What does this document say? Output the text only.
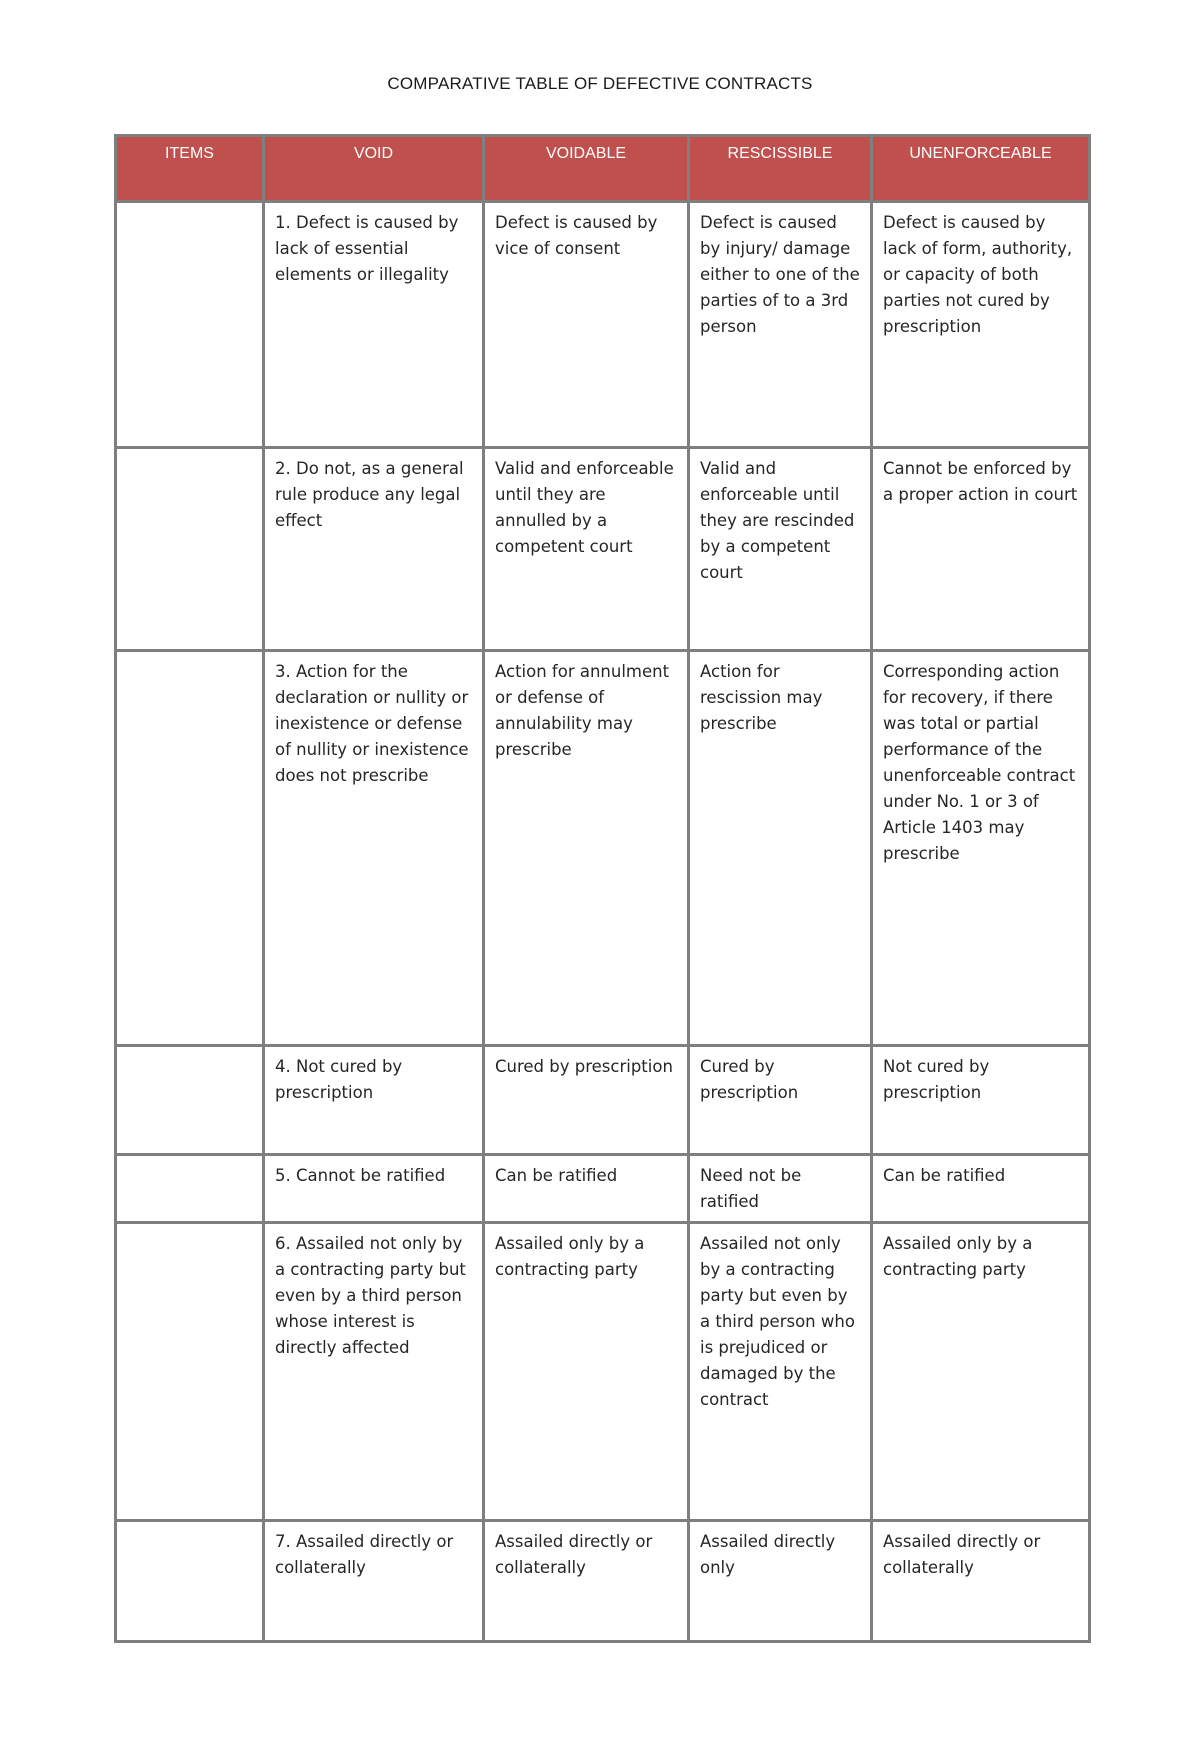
COMPARATIVE TABLE OF DEFECTIVE CONTRACTS
ITEMS	VOID	VOIDABLE	RESCISSIBLE	UNENFORCEABLE
	1. Defect is caused by lack of essential elements or illegality	Defect is caused by vice of consent	Defect is caused by injury/ damage either to one of the parties of to a 3rd person	Defect is caused by lack of form, authority, or capacity of both parties not cured by prescription
	2. Do not, as a general rule produce any legal effect	Valid and enforceable until they are annulled by a competent court	Valid and enforceable until they are rescinded by a competent court	Cannot be enforced by a proper action in court
	3. Action for the declaration or nullity or inexistence or defense of nullity or inexistence does not prescribe	Action for annulment or defense of annulability may prescribe	Action for rescission may prescribe	Corresponding action for recovery, if there was total or partial performance of the unenforceable contract under No. 1 or 3 of Article 1403 may prescribe
	4. Not cured by prescription	Cured by prescription	Cured by prescription	Not cured by prescription
	5. Cannot be ratified	Can be ratified	Need not be ratified	Can be ratified
	6. Assailed not only by a contracting party but even by a third person whose interest is directly affected	Assailed only by a contracting party	Assailed not only by a contracting party but even by a third person who is prejudiced or damaged by the contract	Assailed only by a contracting party
	7. Assailed directly or collaterally	Assailed directly or collaterally	Assailed directly only	Assailed directly or collaterally
